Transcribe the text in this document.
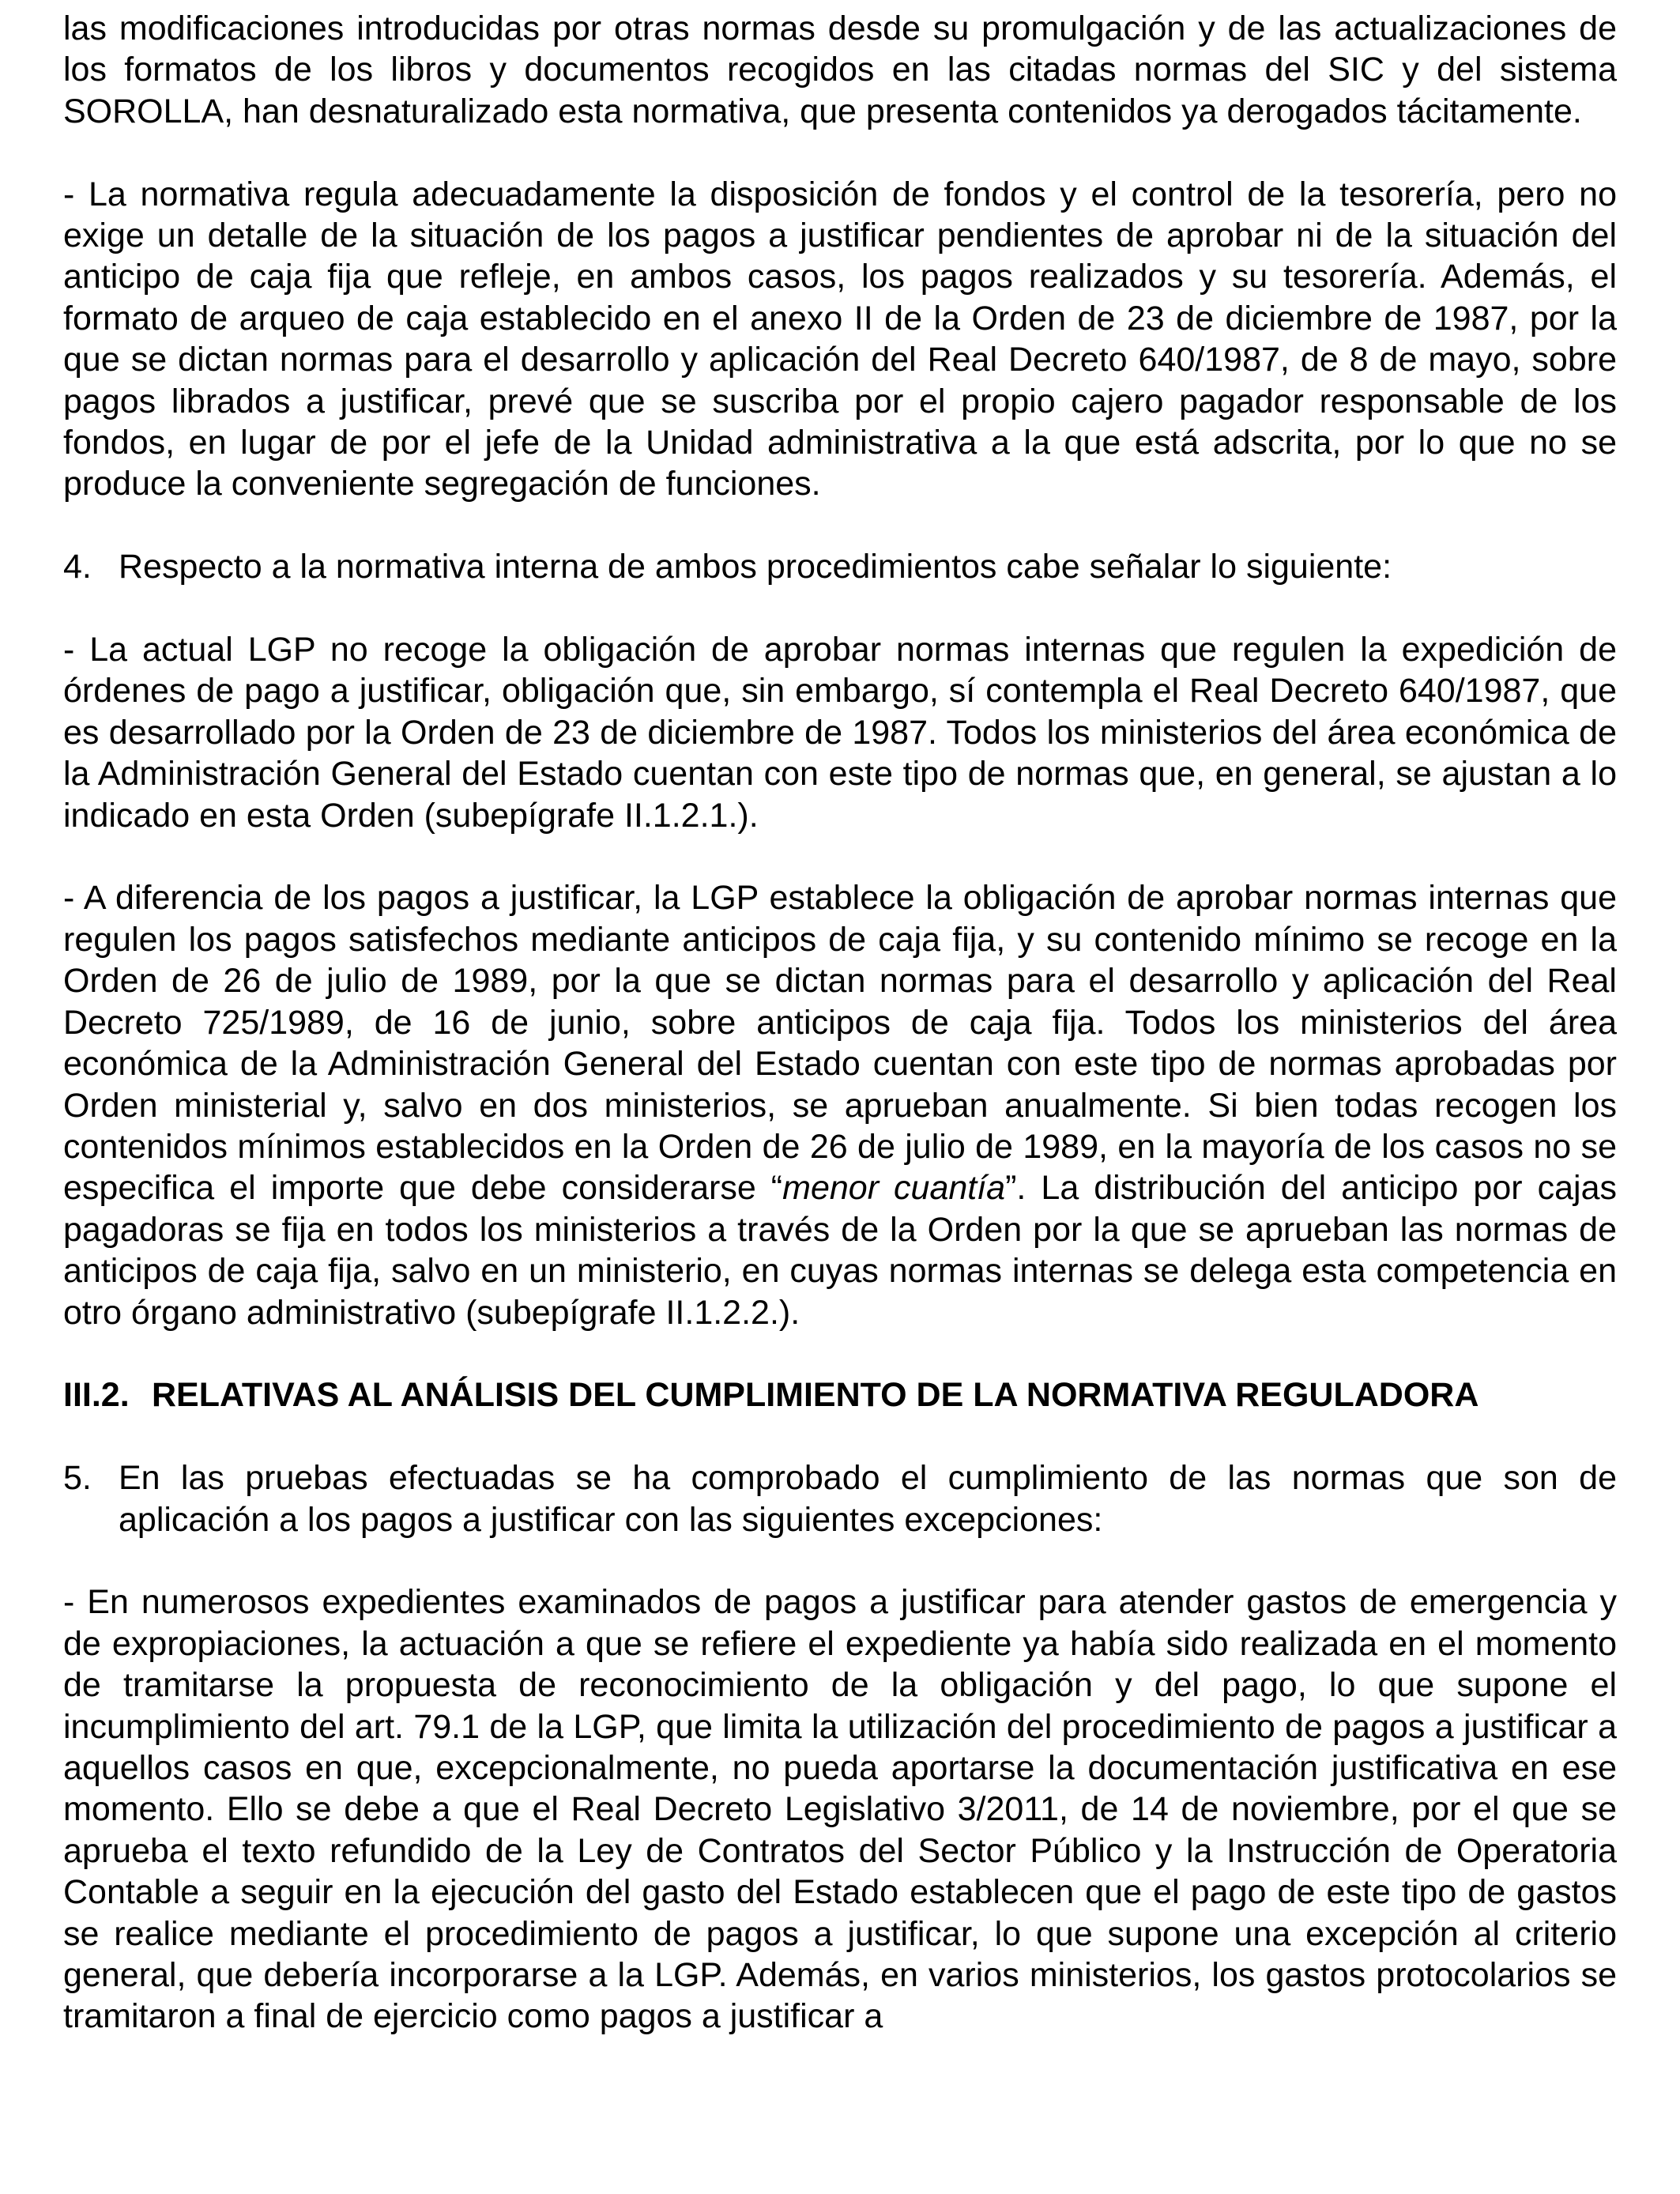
las modificaciones introducidas por otras normas desde su promulgación y de las actualizaciones de los formatos de los libros y documentos recogidos en las citadas normas del SIC y del sistema SOROLLA, han desnaturalizado esta normativa, que presenta contenidos ya derogados tácitamente.

- La normativa regula adecuadamente la disposición de fondos y el control de la tesorería, pero no exige un detalle de la situación de los pagos a justificar pendientes de aprobar ni de la situación del anticipo de caja fija que refleje, en ambos casos, los pagos realizados y su tesorería. Además, el formato de arqueo de caja establecido en el anexo II de la Orden de 23 de diciembre de 1987, por la que se dictan normas para el desarrollo y aplicación del Real Decreto 640/1987, de 8 de mayo, sobre pagos librados a justificar, prevé que se suscriba por el propio cajero pagador responsable de los fondos, en lugar de por el jefe de la Unidad administrativa a la que está adscrita, por lo que no se produce la conveniente segregación de funciones.

4. Respecto a la normativa interna de ambos procedimientos cabe señalar lo siguiente:

- La actual LGP no recoge la obligación de aprobar normas internas que regulen la expedición de órdenes de pago a justificar, obligación que, sin embargo, sí contempla el Real Decreto 640/1987, que es desarrollado por la Orden de 23 de diciembre de 1987. Todos los ministerios del área económica de la Administración General del Estado cuentan con este tipo de normas que, en general, se ajustan a lo indicado en esta Orden (subepígrafe II.1.2.1.).

- A diferencia de los pagos a justificar, la LGP establece la obligación de aprobar normas internas que regulen los pagos satisfechos mediante anticipos de caja fija, y su contenido mínimo se recoge en la Orden de 26 de julio de 1989, por la que se dictan normas para el desarrollo y aplicación del Real Decreto 725/1989, de 16 de junio, sobre anticipos de caja fija. Todos los ministerios del área económica de la Administración General del Estado cuentan con este tipo de normas aprobadas por Orden ministerial y, salvo en dos ministerios, se aprueban anualmente. Si bien todas recogen los contenidos mínimos establecidos en la Orden de 26 de julio de 1989, en la mayoría de los casos no se especifica el importe que debe considerarse “menor cuantía”. La distribución del anticipo por cajas pagadoras se fija en todos los ministerios a través de la Orden por la que se aprueban las normas de anticipos de caja fija, salvo en un ministerio, en cuyas normas internas se delega esta competencia en otro órgano administrativo (subepígrafe II.1.2.2.).

III.2. RELATIVAS AL ANÁLISIS DEL CUMPLIMIENTO DE LA NORMATIVA REGULADORA
5. En las pruebas efectuadas se ha comprobado el cumplimiento de las normas que son de aplicación a los pagos a justificar con las siguientes excepciones:

- En numerosos expedientes examinados de pagos a justificar para atender gastos de emergencia y de expropiaciones, la actuación a que se refiere el expediente ya había sido realizada en el momento de tramitarse la propuesta de reconocimiento de la obligación y del pago, lo que supone el incumplimiento del art. 79.1 de la LGP, que limita la utilización del procedimiento de pagos a justificar a aquellos casos en que, excepcionalmente, no pueda aportarse la documentación justificativa en ese momento. Ello se debe a que el Real Decreto Legislativo 3/2011, de 14 de noviembre, por el que se aprueba el texto refundido de la Ley de Contratos del Sector Público y la Instrucción de Operatoria Contable a seguir en la ejecución del gasto del Estado establecen que el pago de este tipo de gastos se realice mediante el procedimiento de pagos a justificar, lo que supone una excepción al criterio general, que debería incorporarse a la LGP. Además, en varios ministerios, los gastos protocolarios se tramitaron a final de ejercicio como pagos a justificar a
